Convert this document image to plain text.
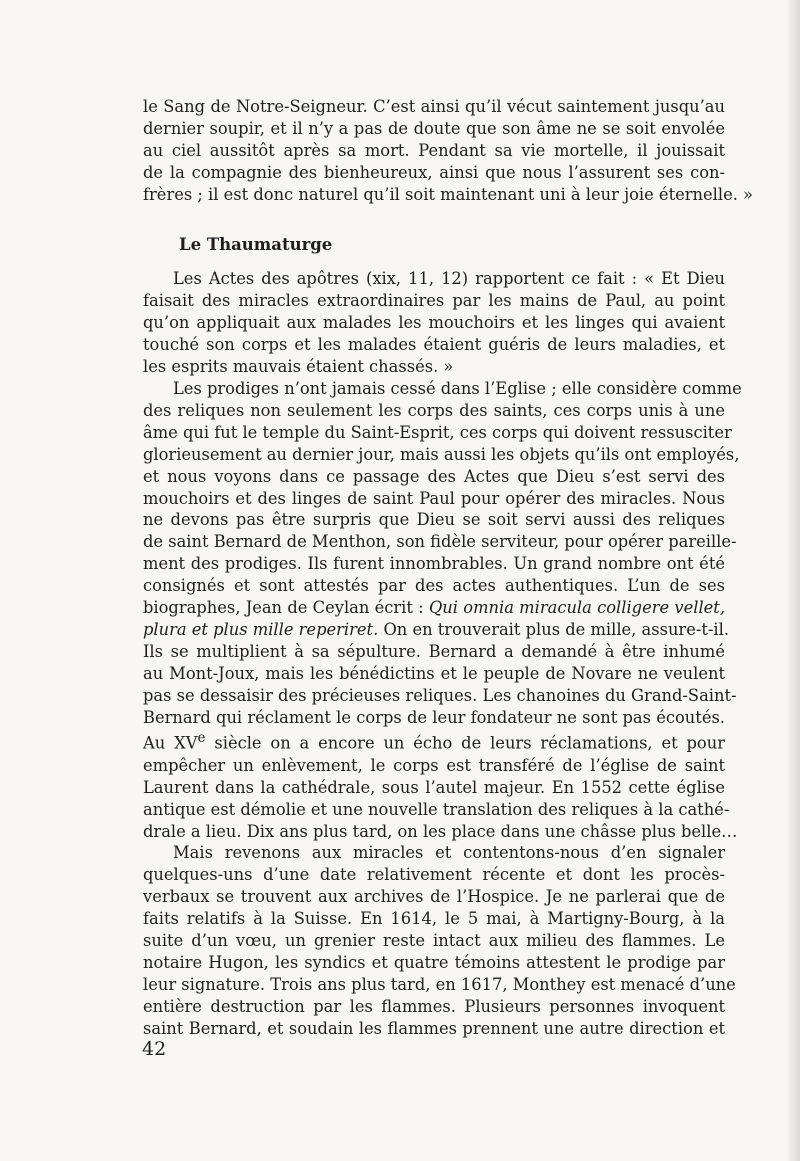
le Sang de Notre-Seigneur. C’est ainsi qu’il vécut saintement jusqu’au
dernier soupir, et il n’y a pas de doute que son âme ne se soit envolée
au ciel aussitôt après sa mort. Pendant sa vie mortelle, il jouissait
de la compagnie des bienheureux, ainsi que nous l’assurent ses con-
frères ; il est donc naturel qu’il soit maintenant uni à leur joie éternelle. »

Le Thaumaturge

Les Actes des apôtres (xix, 11, 12) rapportent ce fait : « Et Dieu
faisait des miracles extraordinaires par les mains de Paul, au point
qu’on appliquait aux malades les mouchoirs et les linges qui avaient
touché son corps et les malades étaient guéris de leurs maladies, et
les esprits mauvais étaient chassés. »

Les prodiges n’ont jamais cessé dans l’Eglise ; elle considère comme
des reliques non seulement les corps des saints, ces corps unis à une
âme qui fut le temple du Saint-Esprit, ces corps qui doivent ressusciter
glorieusement au dernier jour, mais aussi les objets qu’ils ont employés,
et nous voyons dans ce passage des Actes que Dieu s’est servi des
mouchoirs et des linges de saint Paul pour opérer des miracles. Nous
ne devons pas être surpris que Dieu se soit servi aussi des reliques
de saint Bernard de Menthon, son fidèle serviteur, pour opérer pareille-
ment des prodiges. Ils furent innombrables. Un grand nombre ont été
consignés et sont attestés par des actes authentiques. L’un de ses
biographes, Jean de Ceylan écrit : Qui omnia miracula colligere vellet,
plura et plus mille reperiret. On en trouverait plus de mille, assure-t-il.
Ils se multiplient à sa sépulture. Bernard a demandé à être inhumé
au Mont-Joux, mais les bénédictins et le peuple de Novare ne veulent
pas se dessaisir des précieuses reliques. Les chanoines du Grand-Saint-
Bernard qui réclament le corps de leur fondateur ne sont pas écoutés.
Au XVe siècle on a encore un écho de leurs réclamations, et pour
empêcher un enlèvement, le corps est transféré de l’église de saint
Laurent dans la cathédrale, sous l’autel majeur. En 1552 cette église
antique est démolie et une nouvelle translation des reliques à la cathé-
drale a lieu. Dix ans plus tard, on les place dans une châsse plus belle…

Mais revenons aux miracles et contentons-nous d’en signaler
quelques-uns d’une date relativement récente et dont les procès-
verbaux se trouvent aux archives de l’Hospice. Je ne parlerai que de
faits relatifs à la Suisse. En 1614, le 5 mai, à Martigny-Bourg, à la
suite d’un vœu, un grenier reste intact aux milieu des flammes. Le
notaire Hugon, les syndics et quatre témoins attestent le prodige par
leur signature. Trois ans plus tard, en 1617, Monthey est menacé d’une
entière destruction par les flammes. Plusieurs personnes invoquent
saint Bernard, et soudain les flammes prennent une autre direction et

42
